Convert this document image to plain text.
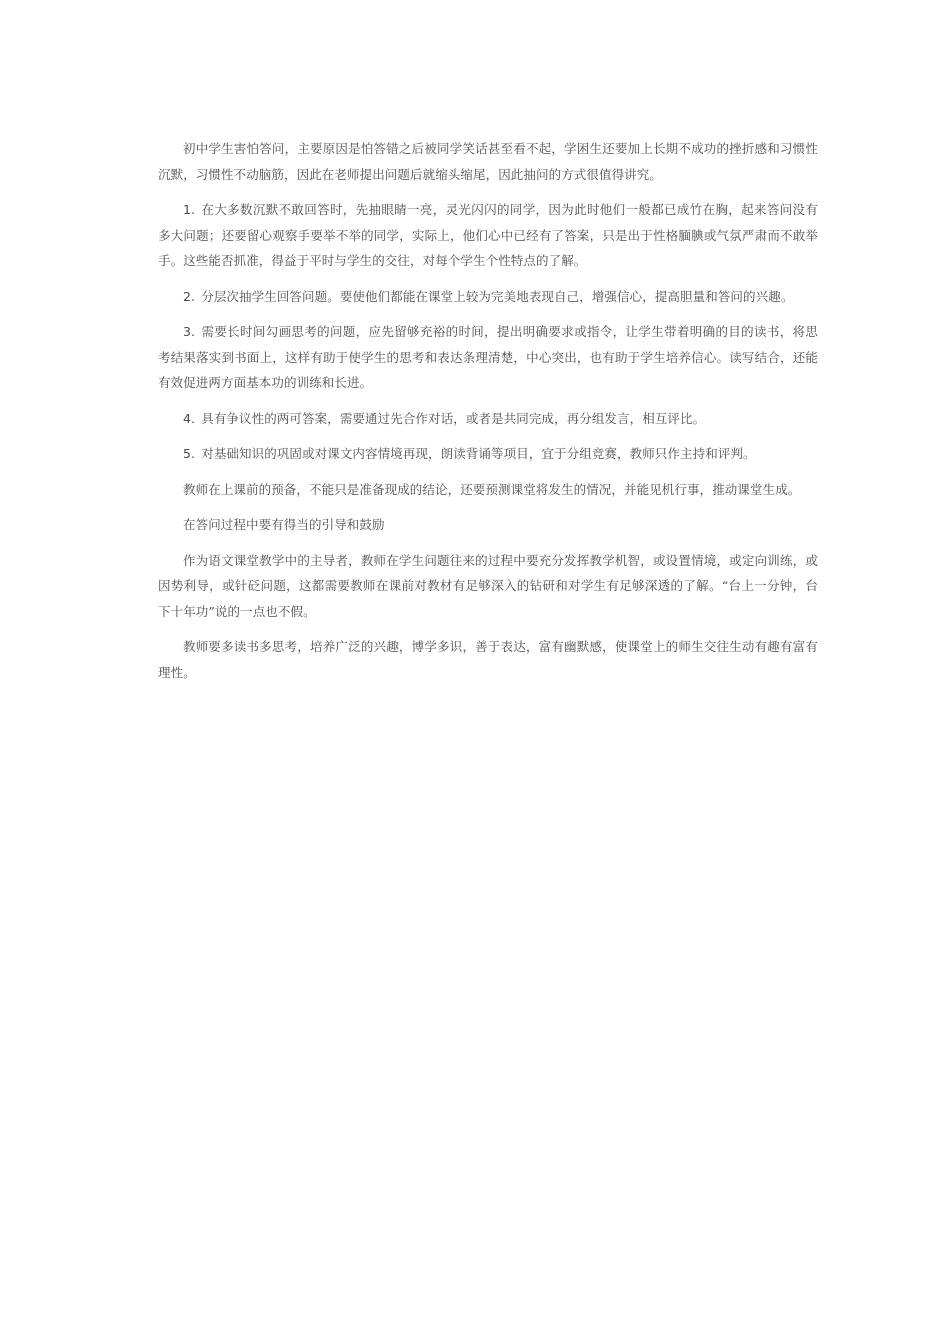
初中学生害怕答问，主要原因是怕答错之后被同学笑话甚至看不起，学困生还要加上长期不成功的挫折感和习惯性沉默，习惯性不动脑筋，因此在老师提出问题后就缩头缩尾，因此抽问的方式很值得讲究。

1. 在大多数沉默不敢回答时，先抽眼睛一亮，灵光闪闪的同学，因为此时他们一般都已成竹在胸，起来答问没有多大问题；还要留心观察手要举不举的同学，实际上，他们心中已经有了答案，只是出于性格腼腆或气氛严肃而不敢举手。这些能否抓准，得益于平时与学生的交往，对每个学生个性特点的了解。

2. 分层次抽学生回答问题。要使他们都能在课堂上较为完美地表现自己，增强信心，提高胆量和答问的兴趣。

3. 需要长时间勾画思考的问题，应先留够充裕的时间，提出明确要求或指令，让学生带着明确的目的读书，将思考结果落实到书面上，这样有助于使学生的思考和表达条理清楚，中心突出，也有助于学生培养信心。读写结合，还能有效促进两方面基本功的训练和长进。

4. 具有争议性的两可答案，需要通过先合作对话，或者是共同完成，再分组发言，相互评比。

5. 对基础知识的巩固或对课文内容情境再现，朗读背诵等项目，宜于分组竞赛，教师只作主持和评判。

教师在上课前的预备，不能只是准备现成的结论，还要预测课堂将发生的情况，并能见机行事，推动课堂生成。

在答问过程中要有得当的引导和鼓励

作为语文课堂教学中的主导者，教师在学生问题往来的过程中要充分发挥教学机智，或设置情境，或定向训练，或因势利导，或针砭问题，这都需要教师在课前对教材有足够深入的钻研和对学生有足够深透的了解。“台上一分钟，台下十年功”说的一点也不假。

教师要多读书多思考，培养广泛的兴趣，博学多识，善于表达，富有幽默感，使课堂上的师生交往生动有趣有富有理性。
